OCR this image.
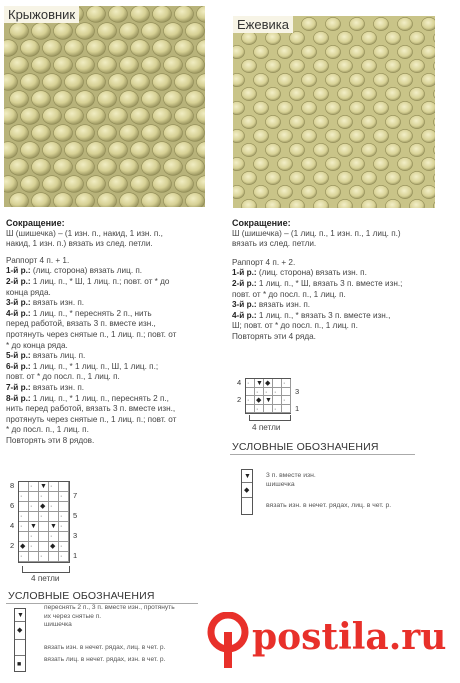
Крыжовник
Ежевика
Сокращение:
Ш (шишечка) – (1 изн. п., накид, 1 изн. п.,
накид, 1 изн. п.) вязать из след. петли.
Раппорт 4 п. + 1.
1-й р.: (лиц. сторона) вязать лиц. п.
2-й р.: 1 лиц. п., * Ш, 1 лиц. п.; повт. от * до
конца ряда.
3-й р.: вязать изн. п.
4-й р.: 1 лиц. п., * переснять 2 п., нить
перед работой, вязать 3 п. вместе изн.,
протянуть через снятые п., 1 лиц. п.; повт. от
* до конца ряда.
5-й р.: вязать лиц. п.
6-й р.: 1 лиц. п., * 1 лиц. п., Ш, 1 лиц. п.;
повт. от * до посл. п., 1 лиц. п.
7-й р.: вязать изн. п.
8-й р.: 1 лиц. п., * 1 лиц. п., переснять 2 п.,
нить перед работой, вязать 3 п. вместе изн.,
протянуть через снятые п., 1 лиц. п.; повт. от
* до посл. п., 1 лиц. п.
Повторять эти 8 рядов.
Сокращение:
Ш (шишечка) – (1 лиц. п., 1 изн. п., 1 лиц. п.)
вязать из след. петли.
Раппорт 4 п. + 2.
1-й р.: (лиц. сторона) вязать изн. п.
2-й р.: 1 лиц. п., * Ш, вязать 3 п. вместе изн.;
повт. от * до посл. п., 1 лиц. п.
3-й р.: вязать изн. п.
4-й р.: 1 лиц. п., * вязать 3 п. вместе изн.,
Ш; повт. от * до посл. п., 1 лиц. п.
Повторять эти 4 ряда.
· ▼ ·
·	·	·
· ◆ ·
·	·	·
· ▼ ▼ ·
·	·
◆ ·	◆ ·
·	·	·
8
7
6
5
4
3
2
1
4 петли
УСЛОВНЫЕ ОБОЗНАЧЕНИЯ
▼
◆
■
переснять 2 п., 3 п. вместе изн., протянуть
их через снятые п.
шишечка
вязать изн. в нечет. рядах, лиц. в чет. р.
вязать лиц. в нечет. рядах, изн. в чет. р.
· ▼ ◆ ·
· · ·
· ◆ ▼ ·
· ·
4
3
2
1
4 петли
УСЛОВНЫЕ ОБОЗНАЧЕНИЯ
▼
◆
3 п. вместе изн.
шишечка
вязать изн. в нечет. рядах, лиц. в чет. р.
postila.ru
